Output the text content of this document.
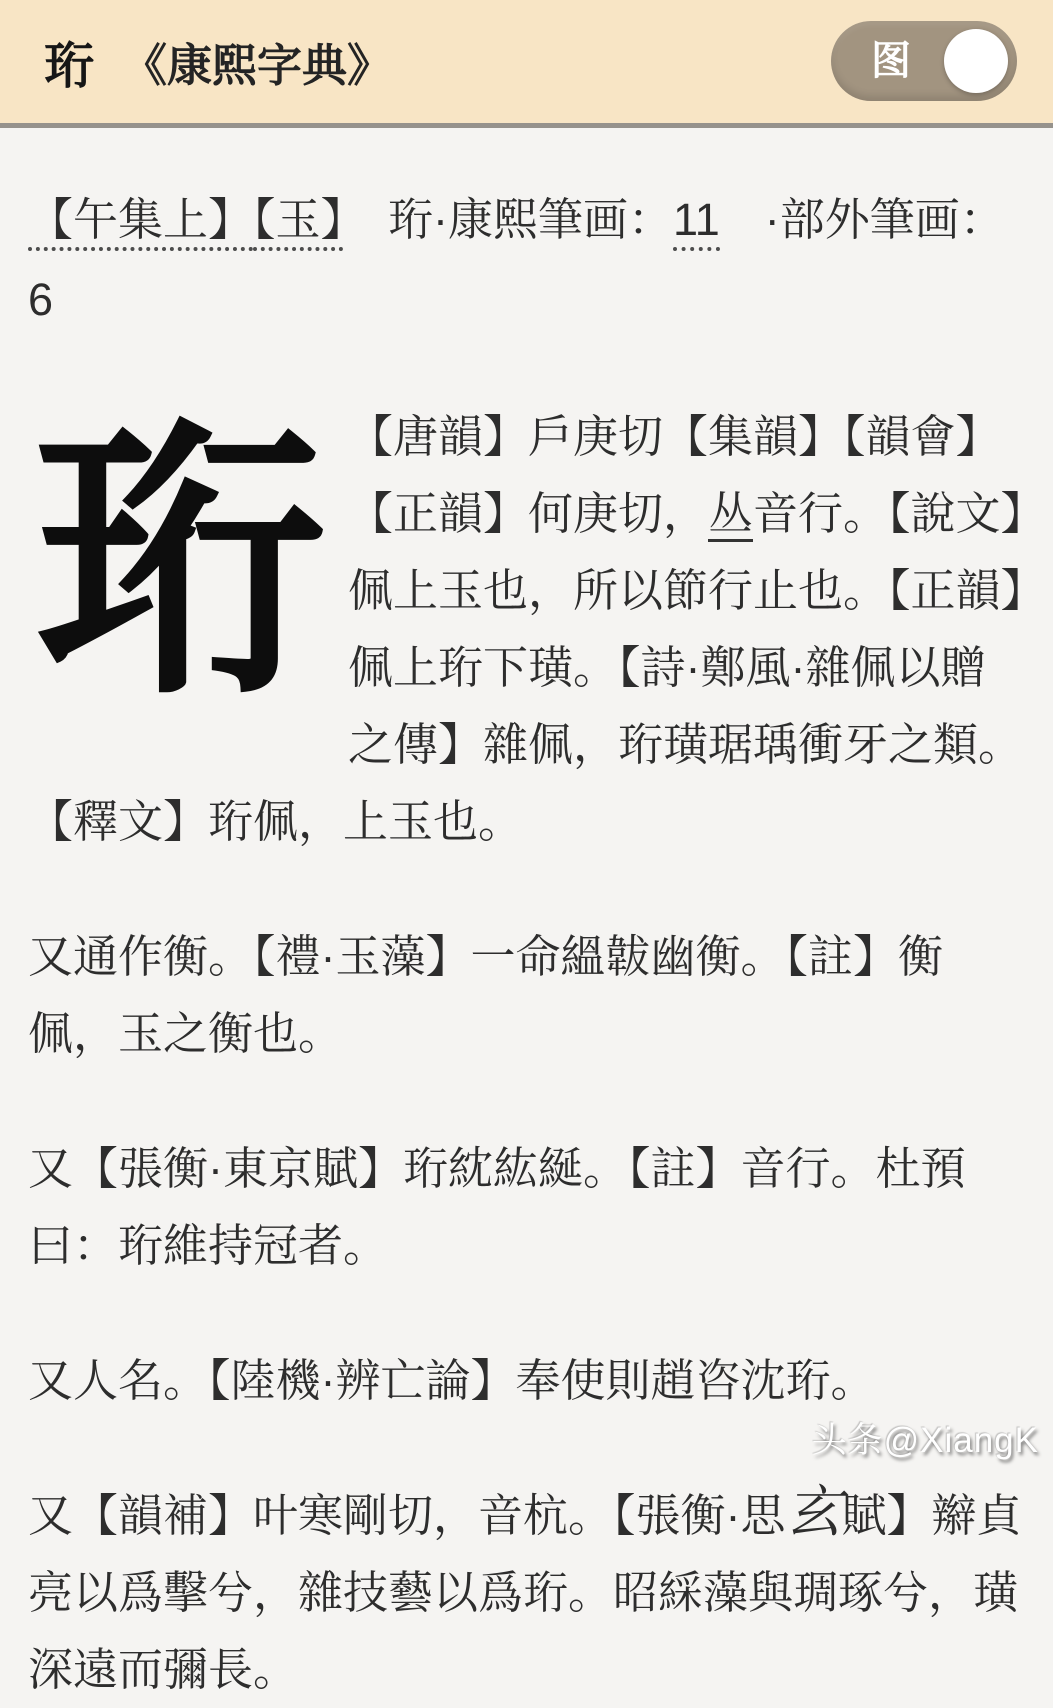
珩 《康熙字典》	图

【午集上】【玉】　珩·康熙筆画：11　·部外筆画：6

珩 【唐韻】戶庚切【集韻】【韻會】【正韻】何庚切，丛音行。【說文】佩上玉也，所以節行止也。【正韻】佩上珩下璜。【詩·鄭風·雜佩以贈之傳】雜佩，珩璜琚瑀衝牙之類。【釋文】珩佩，上玉也。

又通作衡。【禮·玉藻】一命縕韍幽衡。【註】衡佩，玉之衡也。

又【張衡·東京賦】珩紞紘綖。【註】音行。杜預曰：珩維持冠者。

又人名。【陸機·辨亡論】奉使則趙咨沈珩。

又【韻補】叶寒剛切，音杭。【張衡·思玄賦】辮貞亮以爲擊兮，雜技藝以爲珩。昭綵藻與琱琢兮，璜深遠而彌長。

头条@XiangK
